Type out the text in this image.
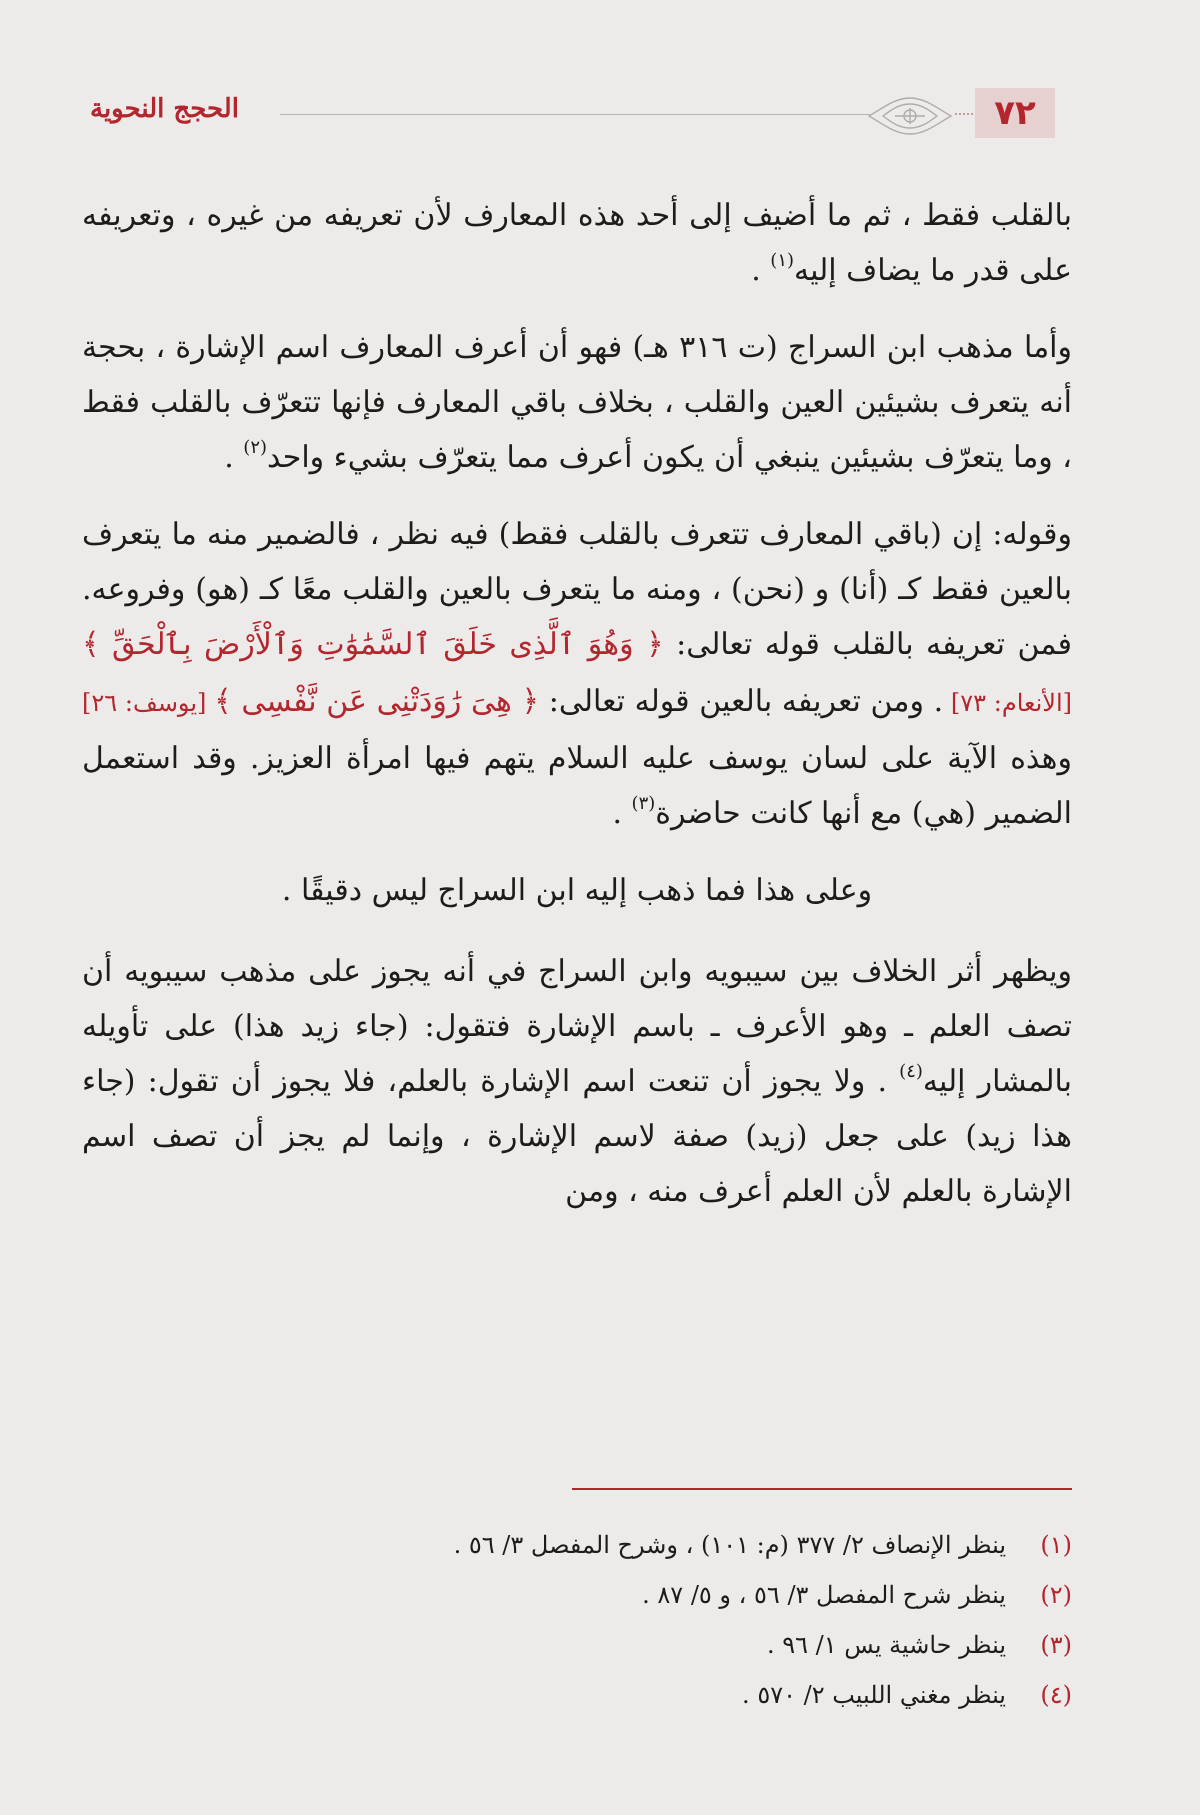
الحجج النحوية	٧٢

بالقلب فقط ، ثم ما أضيف إلى أحد هذه المعارف لأن تعريفه من غيره ، وتعريفه على قدر ما يضاف إليه$^{(١)}$ .

وأما مذهب ابن السراج (ت ٣١٦ هـ) فهو أن أعرف المعارف اسم الإشارة ، بحجة أنه يتعرف بشيئين العين والقلب ، بخلاف باقي المعارف فإنها تتعرّف بالقلب فقط ، وما يتعرّف بشيئين ينبغي أن يكون أعرف مما يتعرّف بشيء واحد$^{(٢)}$ .

وقوله: إن (باقي المعارف تتعرف بالقلب فقط) فيه نظر ، فالضمير منه ما يتعرف بالعين فقط كـ (أنا) و (نحن) ، ومنه ما يتعرف بالعين والقلب معًا كـ (هو) وفروعه. فمن تعريفه بالقلب قوله تعالى: ﴿ وَهُوَ ٱلَّذِى خَلَقَ ٱلسَّمَٰوَٰتِ وَٱلْأَرْضَ بِٱلْحَقِّ ﴾ [الأنعام: ٧٣] . ومن تعريفه بالعين قوله تعالى: ﴿ هِىَ رَٰوَدَتْنِى عَن نَّفْسِى ﴾ [يوسف: ٢٦] وهذه الآية على لسان يوسف عليه السلام يتهم فيها امرأة العزيز. وقد استعمل الضمير (هي) مع أنها كانت حاضرة$^{(٣)}$ .

وعلى هذا فما ذهب إليه ابن السراج ليس دقيقًا .

ويظهر أثر الخلاف بين سيبويه وابن السراج في أنه يجوز على مذهب سيبويه أن تصف العلم ـ وهو الأعرف ـ باسم الإشارة فتقول: (جاء زيد هذا) على تأويله بالمشار إليه$^{(٤)}$ . ولا يجوز أن تنعت اسم الإشارة بالعلم، فلا يجوز أن تقول: (جاء هذا زيد) على جعل (زيد) صفة لاسم الإشارة ، وإنما لم يجز أن تصف اسم الإشارة بالعلم لأن العلم أعرف منه ، ومن

(١)
ينظر الإنصاف ٢/ ٣٧٧ (م: ١٠١) ، وشرح المفصل ٣/ ٥٦ .
(٢)
ينظر شرح المفصل ٣/ ٥٦ ، و ٥/ ٨٧ .
(٣)
ينظر حاشية يس ١/ ٩٦ .
(٤)
ينظر مغني اللبيب ٢/ ٥٧٠ .
